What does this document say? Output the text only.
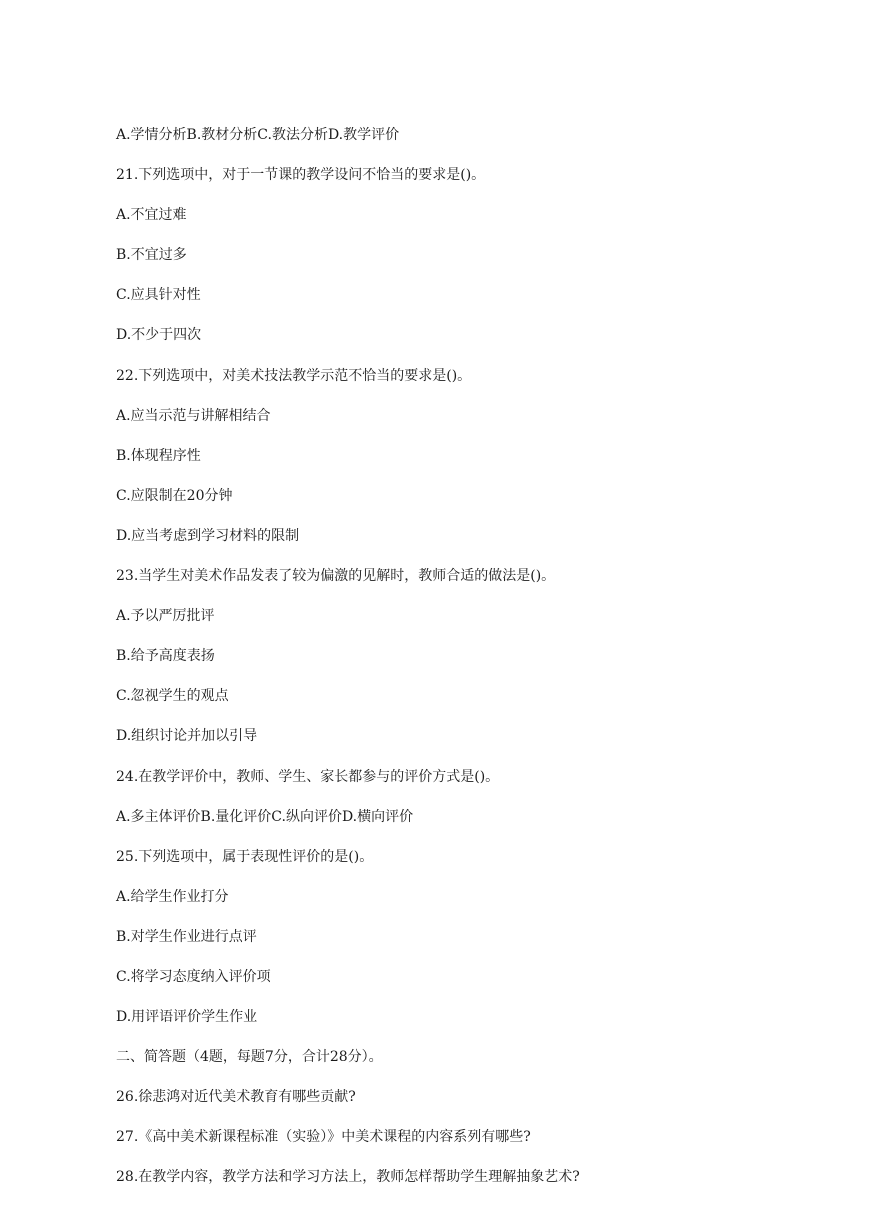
A.学情分析B.教材分析C.教法分析D.教学评价
21.下列选项中，对于一节课的教学设问不恰当的要求是()。
A.不宜过难
B.不宜过多
C.应具针对性
D.不少于四次
22.下列选项中，对美术技法教学示范不恰当的要求是()。
A.应当示范与讲解相结合
B.体现程序性
C.应限制在20分钟
D.应当考虑到学习材料的限制
23.当学生对美术作品发表了较为偏激的见解时，教师合适的做法是()。
A.予以严厉批评
B.给予高度表扬
C.忽视学生的观点
D.组织讨论并加以引导
24.在教学评价中，教师、学生、家长都参与的评价方式是()。
A.多主体评价B.量化评价C.纵向评价D.横向评价
25.下列选项中，属于表现性评价的是()。
A.给学生作业打分
B.对学生作业进行点评
C.将学习态度纳入评价项
D.用评语评价学生作业
二、简答题（4题，每题7分，合计28分）。
26.徐悲鸿对近代美术教育有哪些贡献?
27.《高中美术新课程标准（实验）》中美术课程的内容系列有哪些?
28.在教学内容，教学方法和学习方法上，教师怎样帮助学生理解抽象艺术?
